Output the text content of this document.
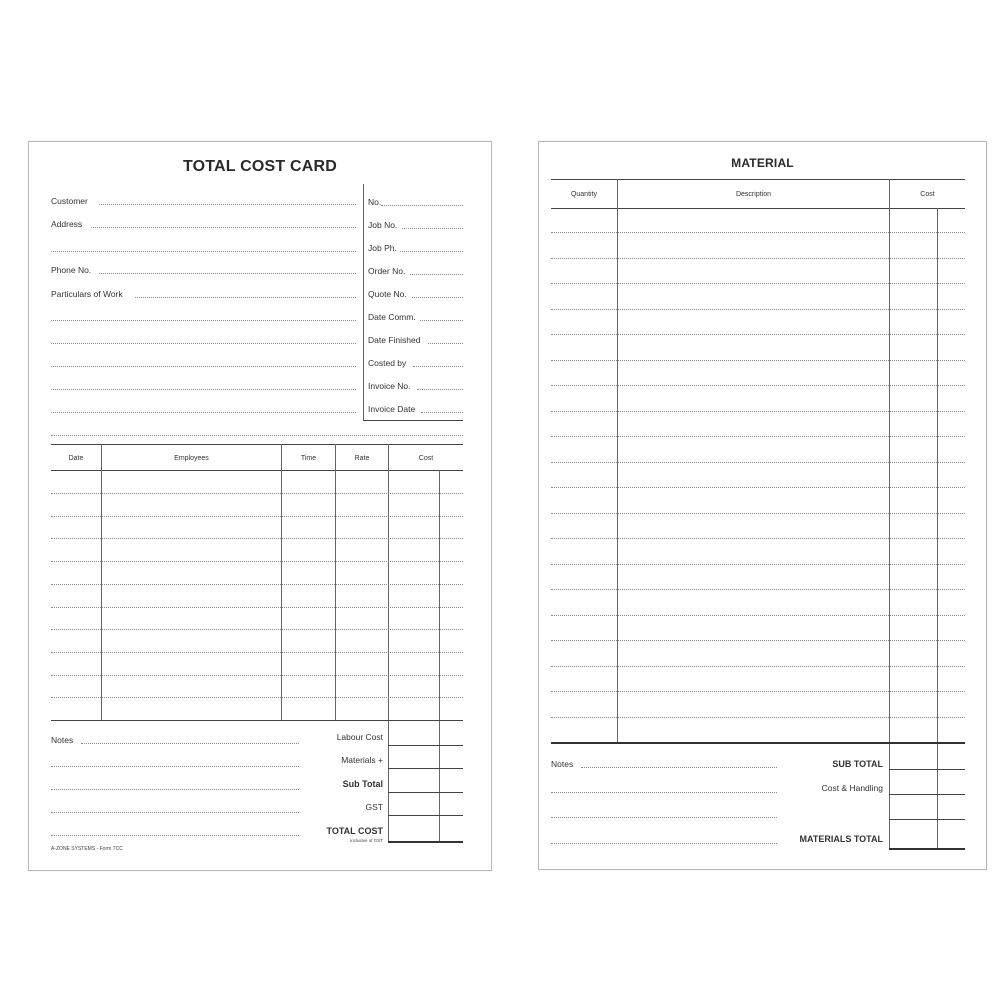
TOTAL COST CARD
Customer
Address
Phone No.
Particulars of Work
No.
Job No.
Job Ph.
Order No.
Quote No.
Date Comm.
Date Finished
Costed by
Invoice No.
Invoice Date
Date	Employees	Time	Rate	Cost
Notes	Labour Cost
Materials +
Sub Total
GST
TOTAL COST
inclusive of GST
A-ZONE SYSTEMS - Form TCC
MATERIAL
Quantity	Description	Cost
Notes	SUB TOTAL
Cost & Handling
MATERIALS TOTAL
